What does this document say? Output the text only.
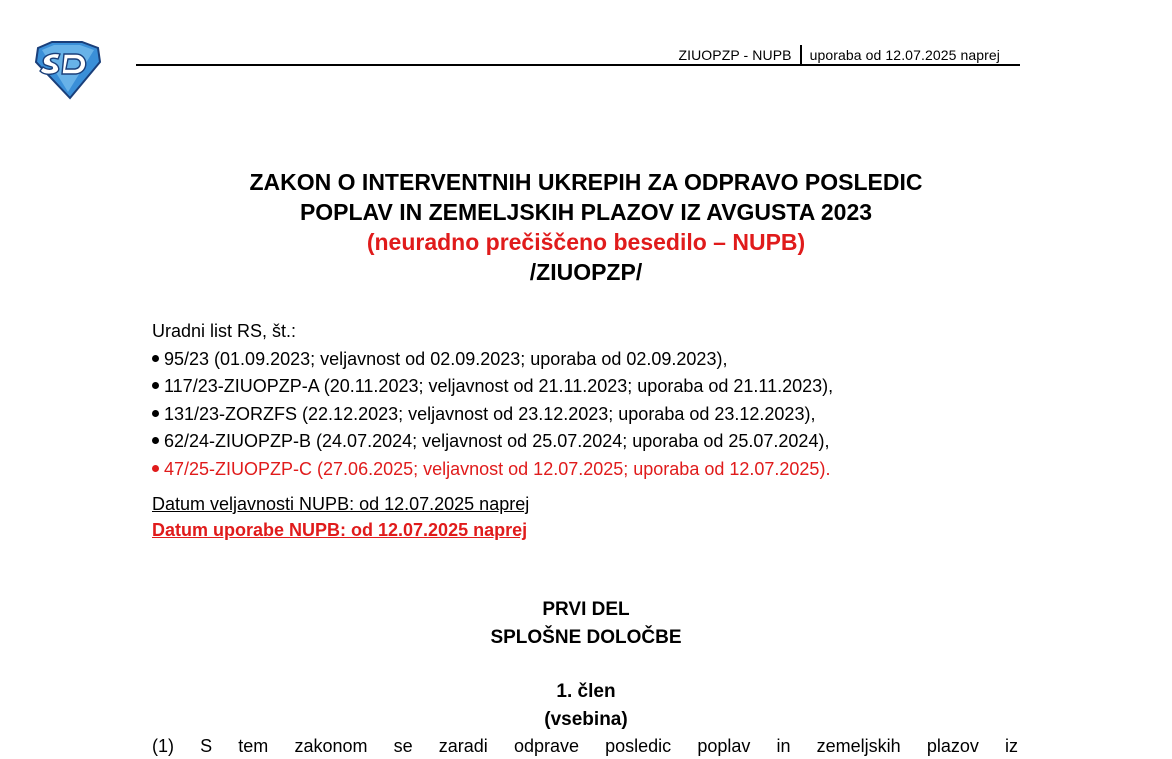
ZIUOPZP - NUPB uporaba od 12.07.2025 naprej
ZAKON O INTERVENTNIH UKREPIH ZA ODPRAVO POSLEDIC
POPLAV IN ZEMELJSKIH PLAZOV IZ AVGUSTA 2023
(neuradno prečiščeno besedilo – NUPB)
/ZIUOPZP/
Uradni list RS, št.:
95/23 (01.09.2023; veljavnost od 02.09.2023; uporaba od 02.09.2023),
117/23-ZIUOPZP-A (20.11.2023; veljavnost od 21.11.2023; uporaba od 21.11.2023),
131/23-ZORZFS (22.12.2023; veljavnost od 23.12.2023; uporaba od 23.12.2023),
62/24-ZIUOPZP-B (24.07.2024; veljavnost od 25.07.2024; uporaba od 25.07.2024),
47/25-ZIUOPZP-C (27.06.2025; veljavnost od 12.07.2025; uporaba od 12.07.2025).
Datum veljavnosti NUPB: od 12.07.2025 naprej
Datum uporabe NUPB: od 12.07.2025 naprej
PRVI DEL
SPLOŠNE DOLOČBE
1. člen
(vsebina)
(1) S tem zakonom se zaradi odprave posledic poplav in zemeljskih plazov iz
